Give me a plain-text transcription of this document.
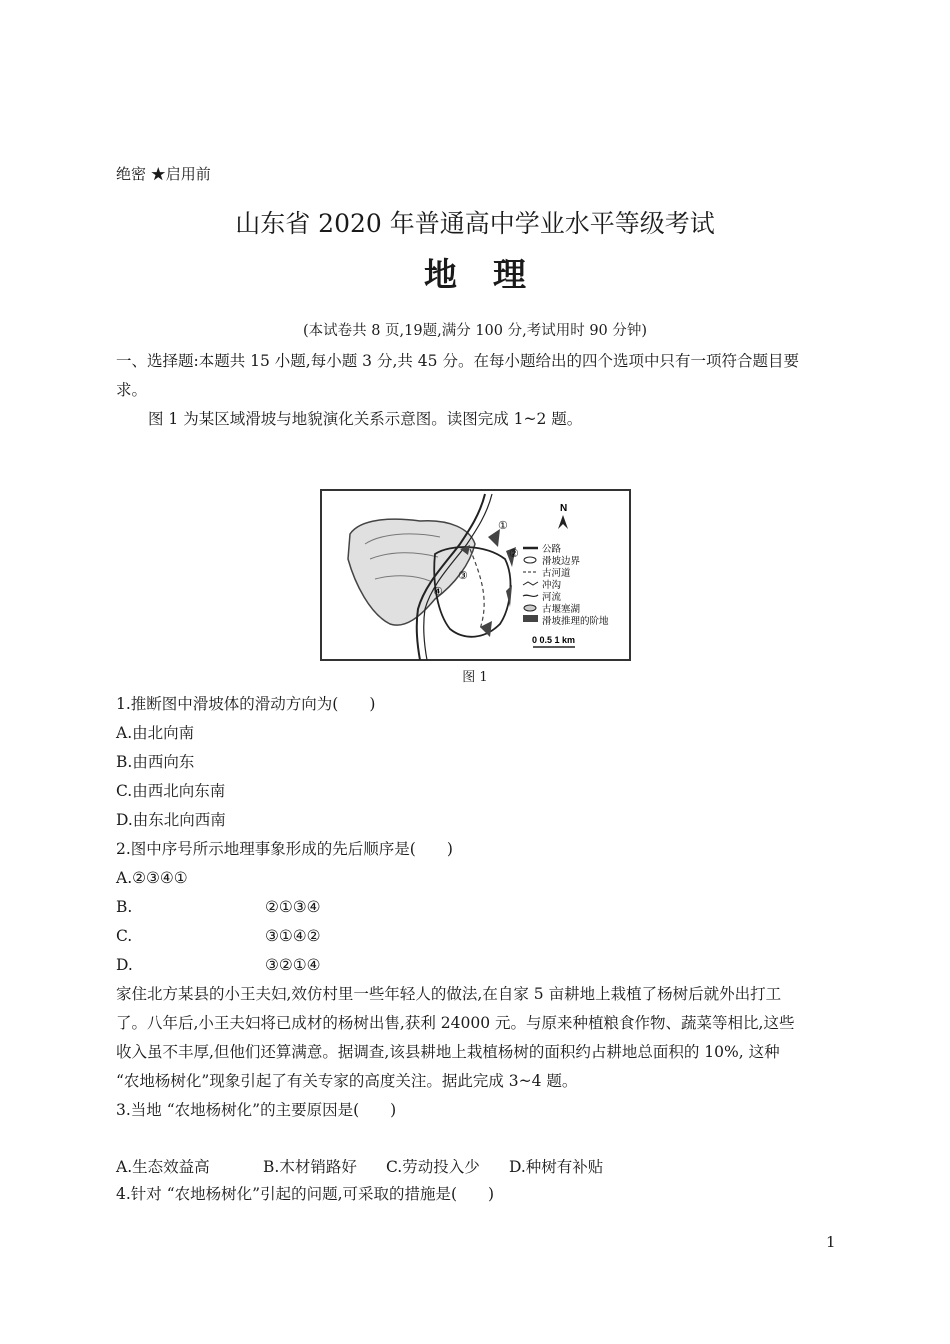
绝密 ★启用前
山东省 2020 年普通高中学业水平等级考试
地理
(本试卷共 8 页,19题,满分 100 分,考试用时 90 分钟)
一、选择题:本题共 15 小题,每小题 3 分,共 45 分。在每小题给出的四个选项中只有一项符合题目要
求。
图 1 为某区域滑坡与地貌演化关系示意图。读图完成 1~2 题。
①
②
③
④
N
公路
滑坡边界
古河道
冲沟
河流
古堰塞湖
滑坡推理的阶地
0 0.5 1 km
图 1
1.推断图中滑坡体的滑动方向为(　　)
A.由北向南
B.由西向东
C.由西北向东南
D.由东北向西南
2.图中序号所示地理事象形成的先后顺序是(　　)
A.②③④①
B.	②①③④
C.	③①④②
D.	③②①④
家住北方某县的小王夫妇,效仿村里一些年轻人的做法,在自家 5 亩耕地上栽植了杨树后就外出打工
了。八年后,小王夫妇将已成材的杨树出售,获利 24000 元。与原来种植粮食作物、蔬菜等相比,这些
收入虽不丰厚,但他们还算满意。据调查,该县耕地上栽植杨树的面积约占耕地总面积的 10%, 这种
“农地杨树化”现象引起了有关专家的高度关注。据此完成 3~4 题。
3.当地 “农地杨树化”的主要原因是(　　)
A.生态效益高	B.木材销路好 C.劳动投入少 D.种树有补贴
4.针对 “农地杨树化”引起的问题,可采取的措施是(　　)
1
